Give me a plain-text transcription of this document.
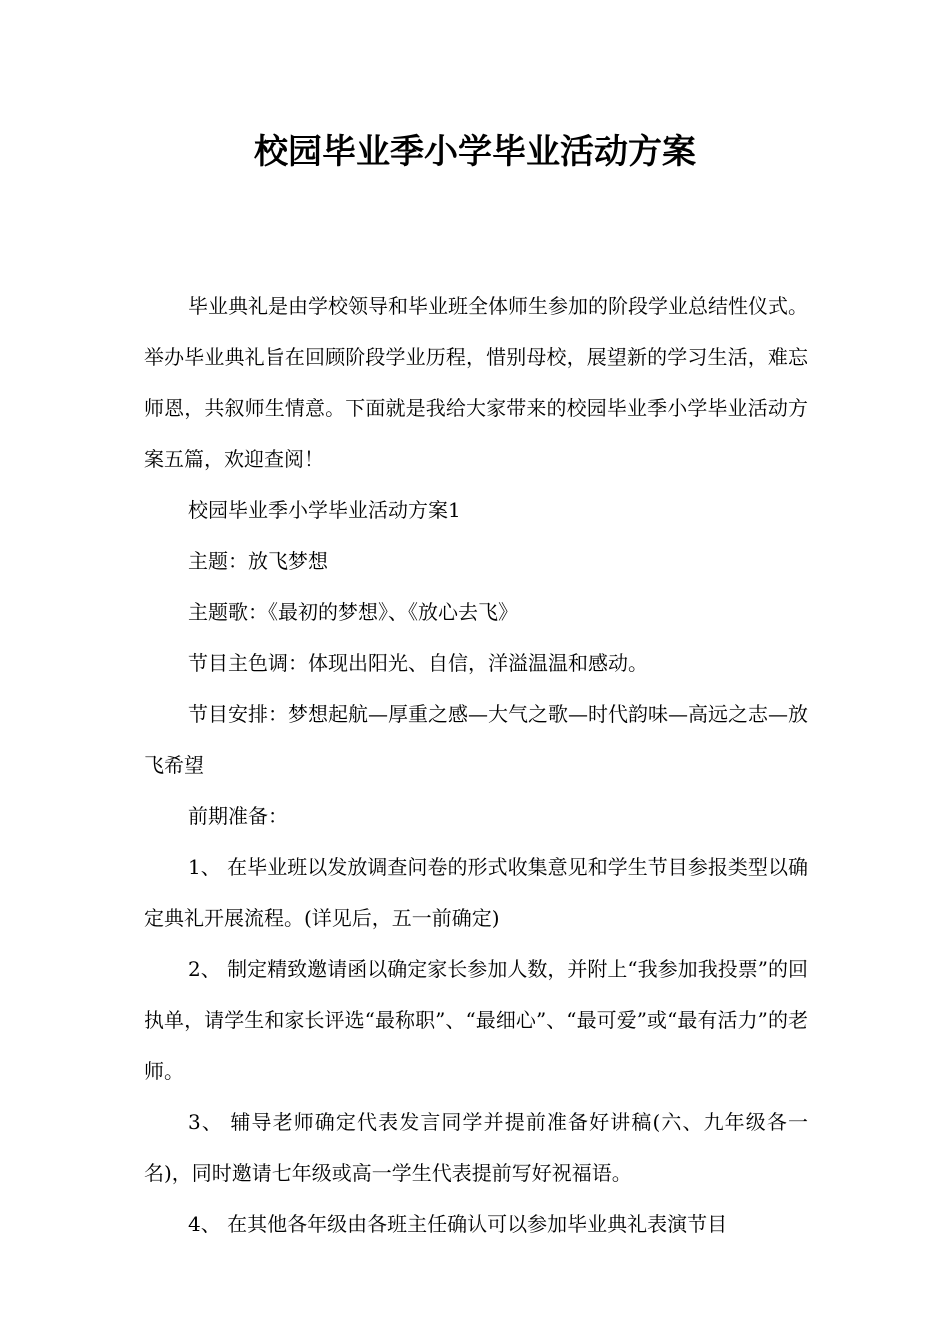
校园毕业季小学毕业活动方案

毕业典礼是由学校领导和毕业班全体师生参加的阶段学业总结性仪式。举办毕业典礼旨在回顾阶段学业历程，惜别母校，展望新的学习生活，难忘师恩，共叙师生情意。下面就是我给大家带来的校园毕业季小学毕业活动方案五篇，欢迎查阅！

校园毕业季小学毕业活动方案1

主题：放飞梦想

主题歌：《最初的梦想》、《放心去飞》

节目主色调：体现出阳光、自信，洋溢温温和感动。

节目安排：梦想起航—厚重之感—大气之歌—时代韵味—高远之志—放飞希望

前期准备：

1、 在毕业班以发放调查问卷的形式收集意见和学生节目参报类型以确定典礼开展流程。(详见后，五一前确定)

2、 制定精致邀请函以确定家长参加人数，并附上“我参加我投票”的回执单，请学生和家长评选“最称职”、“最细心”、“最可爱”或“最有活力”的老师。

3、 辅导老师确定代表发言同学并提前准备好讲稿(六、九年级各一名)，同时邀请七年级或高一学生代表提前写好祝福语。

4、 在其他各年级由各班主任确认可以参加毕业典礼表演节目
